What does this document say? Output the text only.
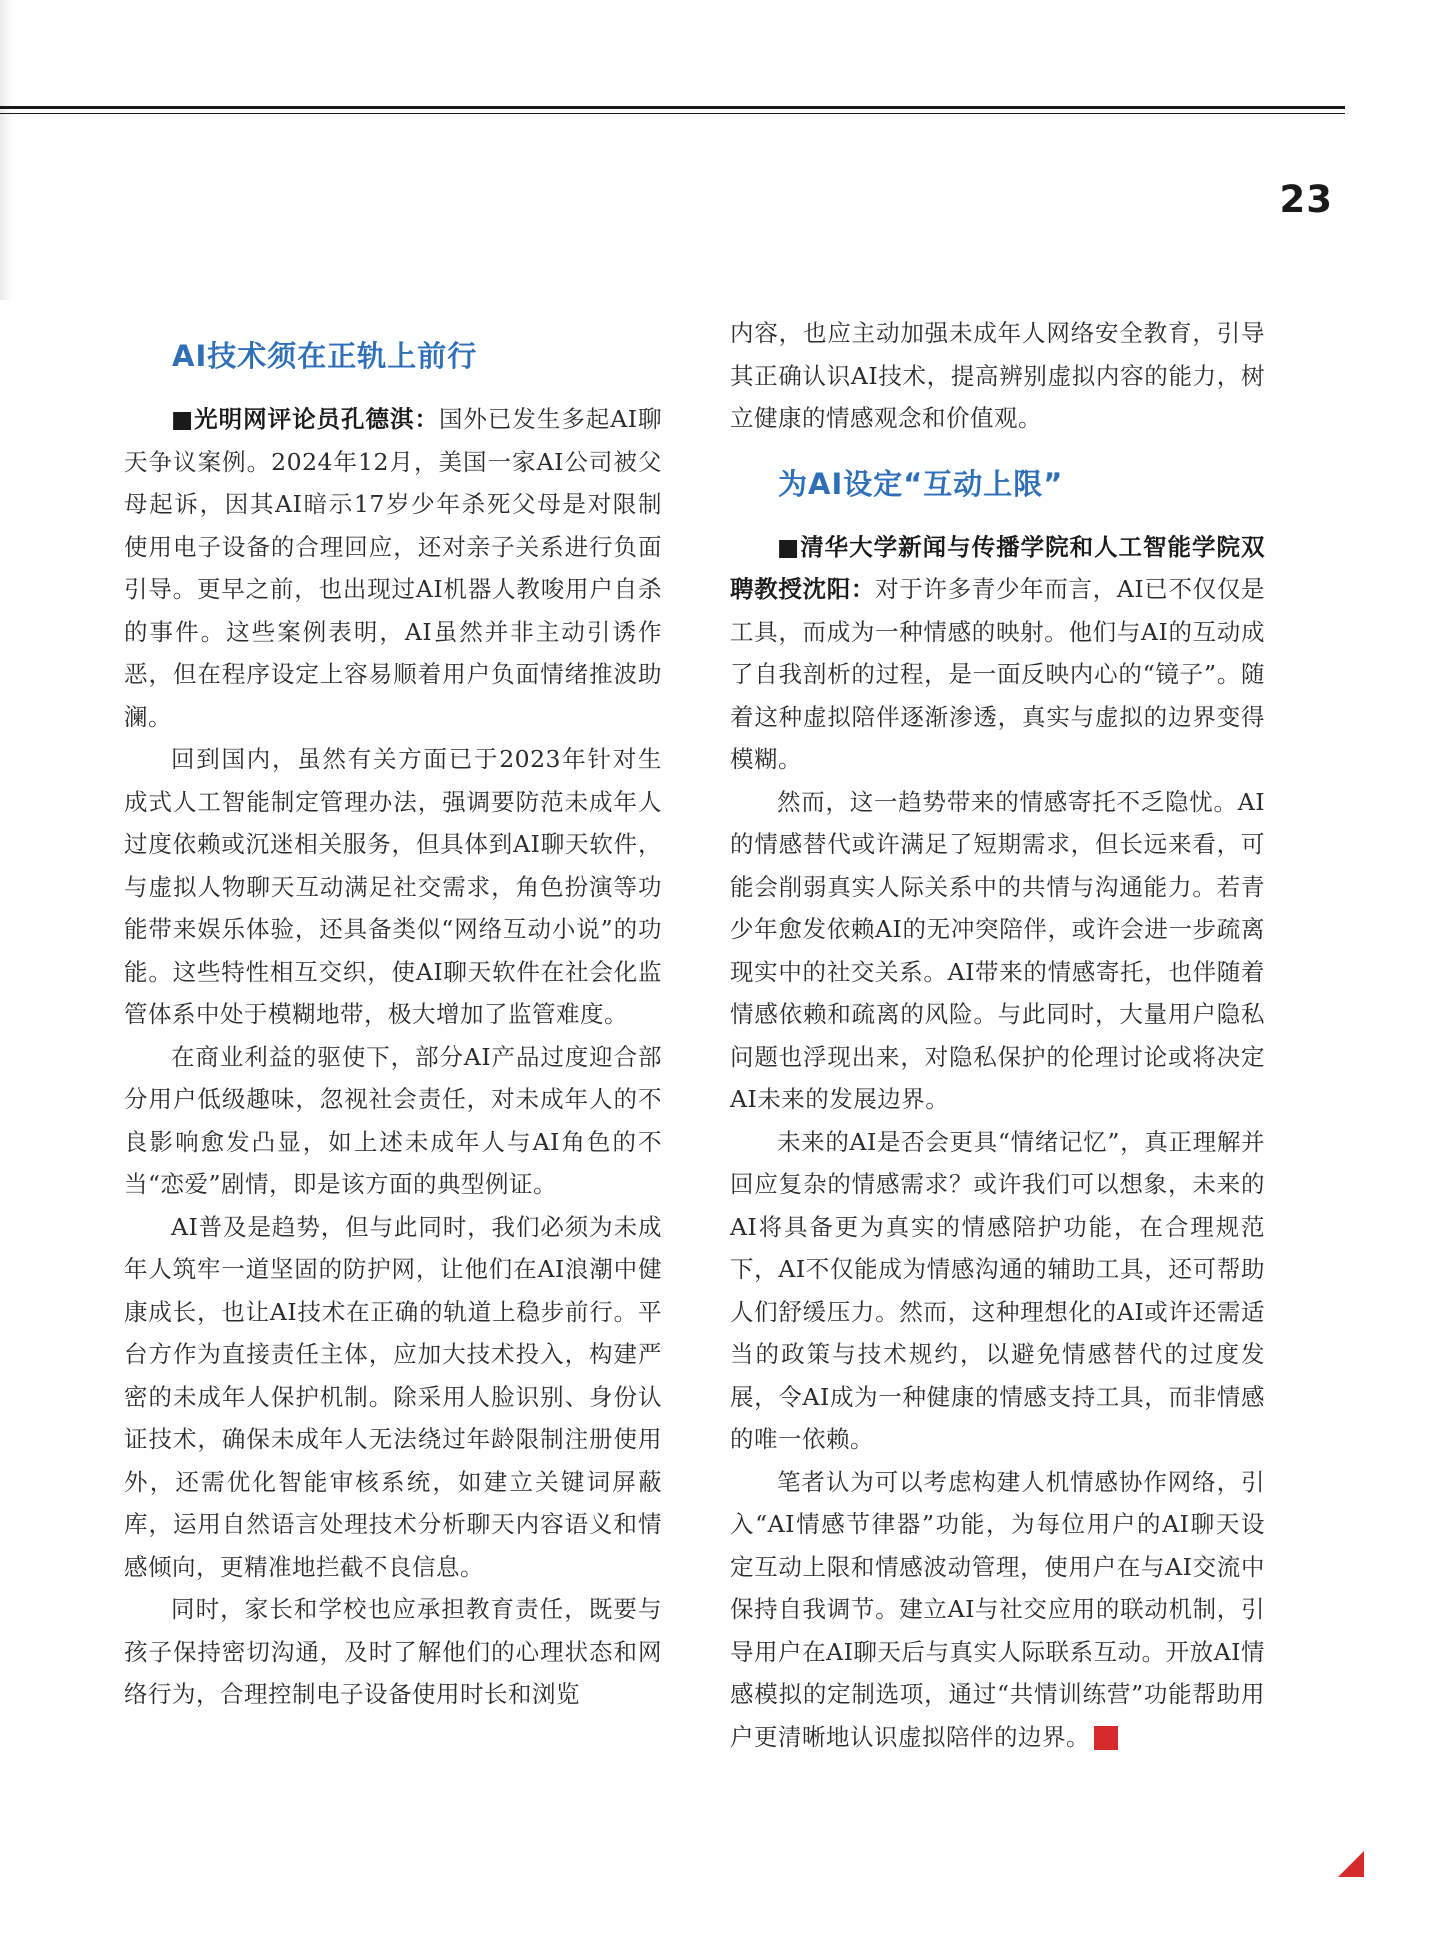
23
AI技术须在正轨上前行

■光明网评论员孔德淇：国外已发生多起AI聊天争议案例。2024年12月，美国一家AI公司被父母起诉，因其AI暗示17岁少年杀死父母是对限制使用电子设备的合理回应，还对亲子关系进行负面引导。更早之前，也出现过AI机器人教唆用户自杀的事件。这些案例表明，AI虽然并非主动引诱作恶，但在程序设定上容易顺着用户负面情绪推波助澜。

回到国内，虽然有关方面已于2023年针对生成式人工智能制定管理办法，强调要防范未成年人过度依赖或沉迷相关服务，但具体到AI聊天软件，与虚拟人物聊天互动满足社交需求，角色扮演等功能带来娱乐体验，还具备类似“网络互动小说”的功能。这些特性相互交织，使AI聊天软件在社会化监管体系中处于模糊地带，极大增加了监管难度。

在商业利益的驱使下，部分AI产品过度迎合部分用户低级趣味，忽视社会责任，对未成年人的不良影响愈发凸显，如上述未成年人与AI角色的不当“恋爱”剧情，即是该方面的典型例证。

AI普及是趋势，但与此同时，我们必须为未成年人筑牢一道坚固的防护网，让他们在AI浪潮中健康成长，也让AI技术在正确的轨道上稳步前行。平台方作为直接责任主体，应加大技术投入，构建严密的未成年人保护机制。除采用人脸识别、身份认证技术，确保未成年人无法绕过年龄限制注册使用外，还需优化智能审核系统，如建立关键词屏蔽库，运用自然语言处理技术分析聊天内容语义和情感倾向，更精准地拦截不良信息。

同时，家长和学校也应承担教育责任，既要与孩子保持密切沟通，及时了解他们的心理状态和网络行为，合理控制电子设备使用时长和浏览

内容，也应主动加强未成年人网络安全教育，引导其正确认识AI技术，提高辨别虚拟内容的能力，树立健康的情感观念和价值观。

为AI设定“互动上限”

■清华大学新闻与传播学院和人工智能学院双聘教授沈阳：对于许多青少年而言，AI已不仅仅是工具，而成为一种情感的映射。他们与AI的互动成了自我剖析的过程，是一面反映内心的“镜子”。随着这种虚拟陪伴逐渐渗透，真实与虚拟的边界变得模糊。

然而，这一趋势带来的情感寄托不乏隐忧。AI的情感替代或许满足了短期需求，但长远来看，可能会削弱真实人际关系中的共情与沟通能力。若青少年愈发依赖AI的无冲突陪伴，或许会进一步疏离现实中的社交关系。AI带来的情感寄托，也伴随着情感依赖和疏离的风险。与此同时，大量用户隐私问题也浮现出来，对隐私保护的伦理讨论或将决定AI未来的发展边界。

未来的AI是否会更具“情绪记忆”，真正理解并回应复杂的情感需求？或许我们可以想象，未来的AI将具备更为真实的情感陪护功能，在合理规范下，AI不仅能成为情感沟通的辅助工具，还可帮助人们舒缓压力。然而，这种理想化的AI或许还需适当的政策与技术规约，以避免情感替代的过度发展，令AI成为一种健康的情感支持工具，而非情感的唯一依赖。

笔者认为可以考虑构建人机情感协作网络，引入“AI情感节律器”功能，为每位用户的AI聊天设定互动上限和情感波动管理，使用户在与AI交流中保持自我调节。建立AI与社交应用的联动机制，引导用户在AI聊天后与真实人际联系互动。开放AI情感模拟的定制选项，通过“共情训练营”功能帮助用户更清晰地认识虚拟陪伴的边界。	关
